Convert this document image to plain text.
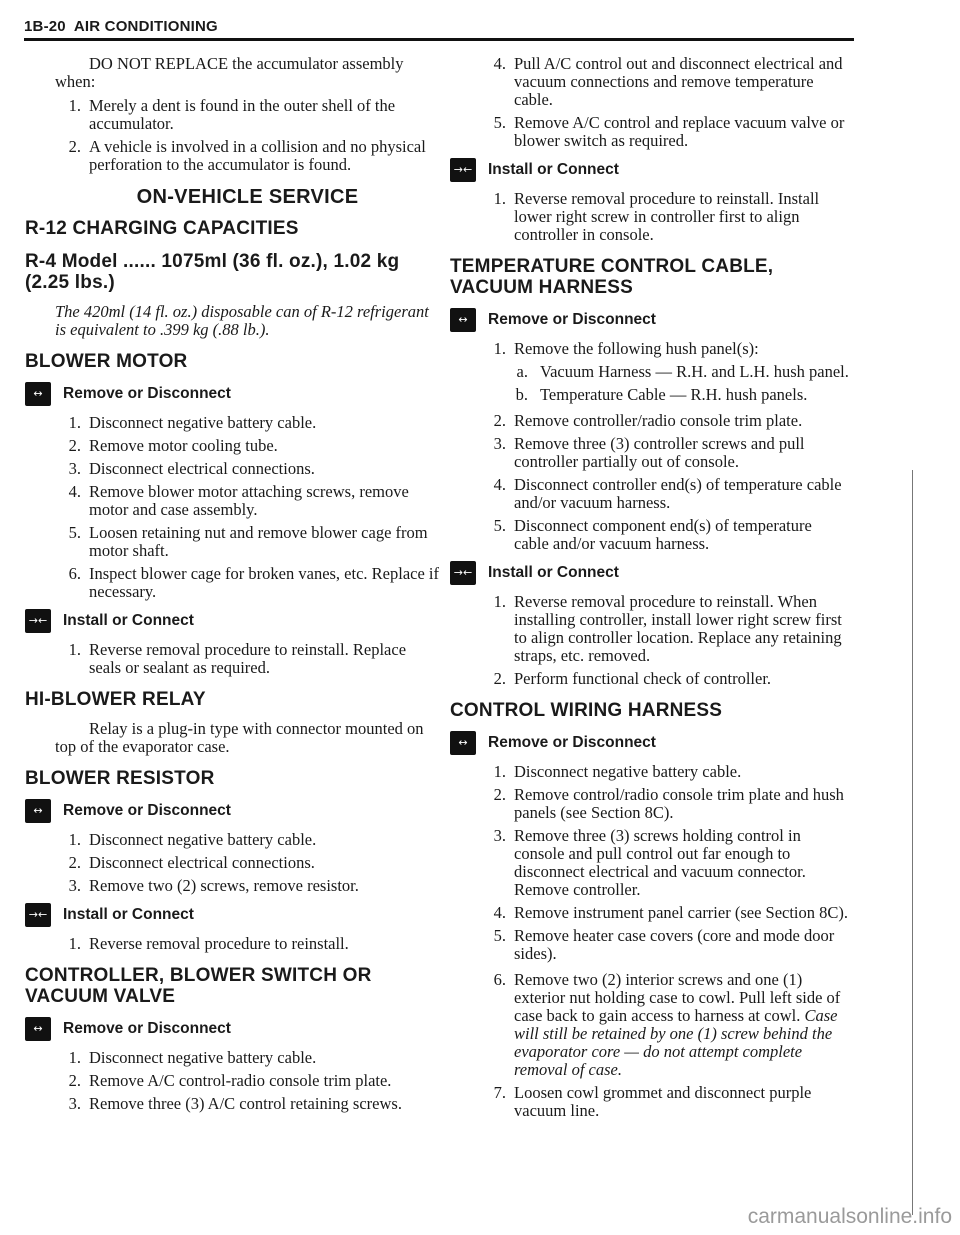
1B-20 AIR CONDITIONING

DO NOT REPLACE the accumulator assembly when:

1. Merely a dent is found in the outer shell of the accumulator.
2. A vehicle is involved in a collision and no physical perforation to the accumulator is found.
ON-VEHICLE SERVICE
R-12 CHARGING CAPACITIES
R-4 Model ...... 1075ml (36 fl. oz.), 1.02 kg (2.25 lbs.)

The 420ml (14 fl. oz.) disposable can of R-12 refrigerant is equivalent to .399 kg (.88 lb.).

BLOWER MOTOR
↔	Remove or Disconnect
1. Disconnect negative battery cable.
2. Remove motor cooling tube.
3. Disconnect electrical connections.
4. Remove blower motor attaching screws, remove motor and case assembly.
5. Loosen retaining nut and remove blower cage from motor shaft.
6. Inspect blower cage for broken vanes, etc. Replace if necessary.
→← Install or Connect
1. Reverse removal procedure to reinstall. Replace seals or sealant as required.
HI-BLOWER RELAY

Relay is a plug-in type with connector mounted on top of the evaporator case.

BLOWER RESISTOR
↔	Remove or Disconnect
1. Disconnect negative battery cable.
2. Disconnect electrical connections.
3. Remove two (2) screws, remove resistor.
→← Install or Connect
1. Reverse removal procedure to reinstall.
CONTROLLER, BLOWER SWITCH OR VACUUM VALVE
↔	Remove or Disconnect
1. Disconnect negative battery cable.
2. Remove A/C control-radio console trim plate.
3. Remove three (3) A/C control retaining screws.
4. Pull A/C control out and disconnect electrical and vacuum connections and remove temperature cable.
5. Remove A/C control and replace vacuum valve or blower switch as required.
→← Install or Connect
1. Reverse removal procedure to reinstall. Install lower right screw in controller first to align controller in console.
TEMPERATURE CONTROL CABLE, VACUUM HARNESS
↔	Remove or Disconnect
1. Remove the following hush panel(s):
a. Vacuum Harness — R.H. and L.H. hush panel.
b. Temperature Cable — R.H. hush panels.
2. Remove controller/radio console trim plate.
3. Remove three (3) controller screws and pull controller partially out of console.
4. Disconnect controller end(s) of temperature cable and/or vacuum harness.
5. Disconnect component end(s) of temperature cable and/or vacuum harness.
→← Install or Connect
1. Reverse removal procedure to reinstall. When installing controller, install lower right screw first to align controller location. Replace any retaining straps, etc. removed.
2. Perform functional check of controller.
CONTROL WIRING HARNESS
↔	Remove or Disconnect
1. Disconnect negative battery cable.
2. Remove control/radio console trim plate and hush panels (see Section 8C).
3. Remove three (3) screws holding control in console and pull control out far enough to disconnect electrical and vacuum connector. Remove controller.
4. Remove instrument panel carrier (see Section 8C).
5. Remove heater case covers (core and mode door sides).
6. Remove two (2) interior screws and one (1) exterior nut holding case to cowl. Pull left side of case back to gain access to harness at cowl. Case will still be retained by one (1) screw behind the evaporator core — do not attempt complete removal of case.
7. Loosen cowl grommet and disconnect purple vacuum line.
carmanualsonline.info
